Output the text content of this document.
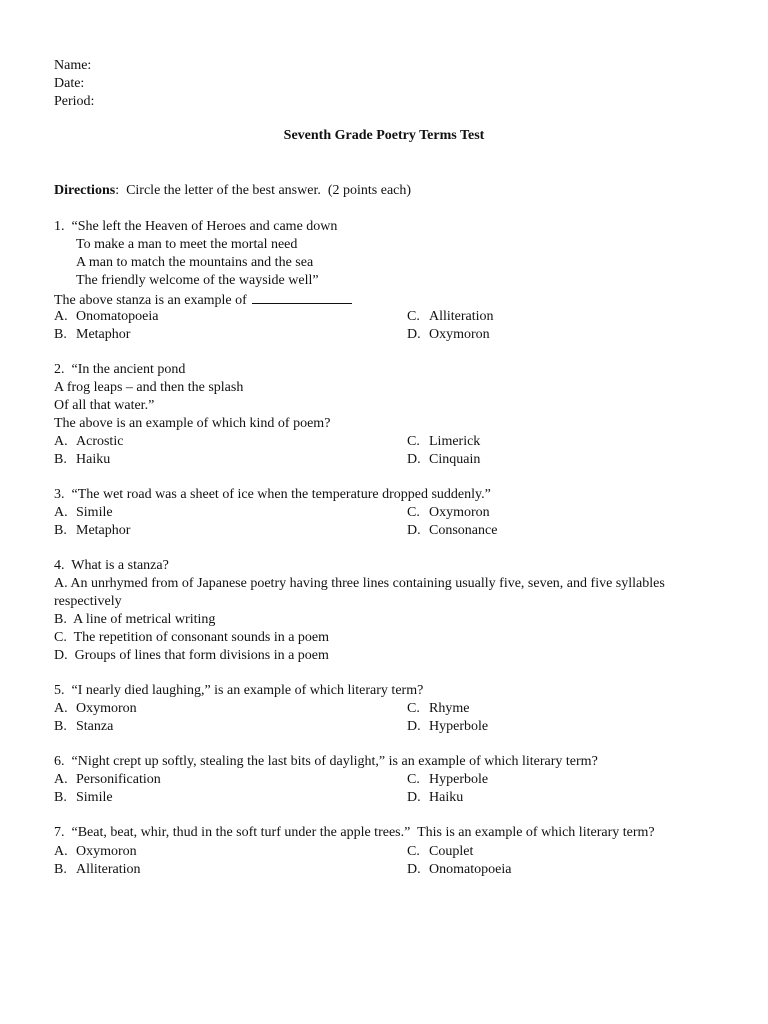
Name:
Date:
Period:
Seventh Grade Poetry Terms Test
Directions:  Circle the letter of the best answer.  (2 points each)
1.  “She left the Heaven of Heroes and came down
To make a man to meet the mortal need
A man to match the mountains and the sea
The friendly welcome of the wayside well”
The above stanza is an example of
A. Onomatopoeia
B. Metaphor
C. Alliteration
D. Oxymoron
2.  “In the ancient pond
A frog leaps – and then the splash
Of all that water.”
The above is an example of which kind of poem?
A. Acrostic
B. Haiku
C. Limerick
D. Cinquain
3.  “The wet road was a sheet of ice when the temperature dropped suddenly.”
A. Simile
B. Metaphor
C. Oxymoron
D. Consonance
4.  What is a stanza?
A. An unrhymed from of Japanese poetry having three lines containing usually five, seven, and five syllables
respectively
B.  A line of metrical writing
C.  The repetition of consonant sounds in a poem
D.  Groups of lines that form divisions in a poem
5.  “I nearly died laughing,” is an example of which literary term?
A. Oxymoron
B. Stanza
C. Rhyme
D. Hyperbole
6.  “Night crept up softly, stealing the last bits of daylight,” is an example of which literary term?
A. Personification
B. Simile
C. Hyperbole
D. Haiku
7.  “Beat, beat, whir, thud in the soft turf under the apple trees.”  This is an example of which literary term?
A. Oxymoron
B. Alliteration
C. Couplet
D. Onomatopoeia
